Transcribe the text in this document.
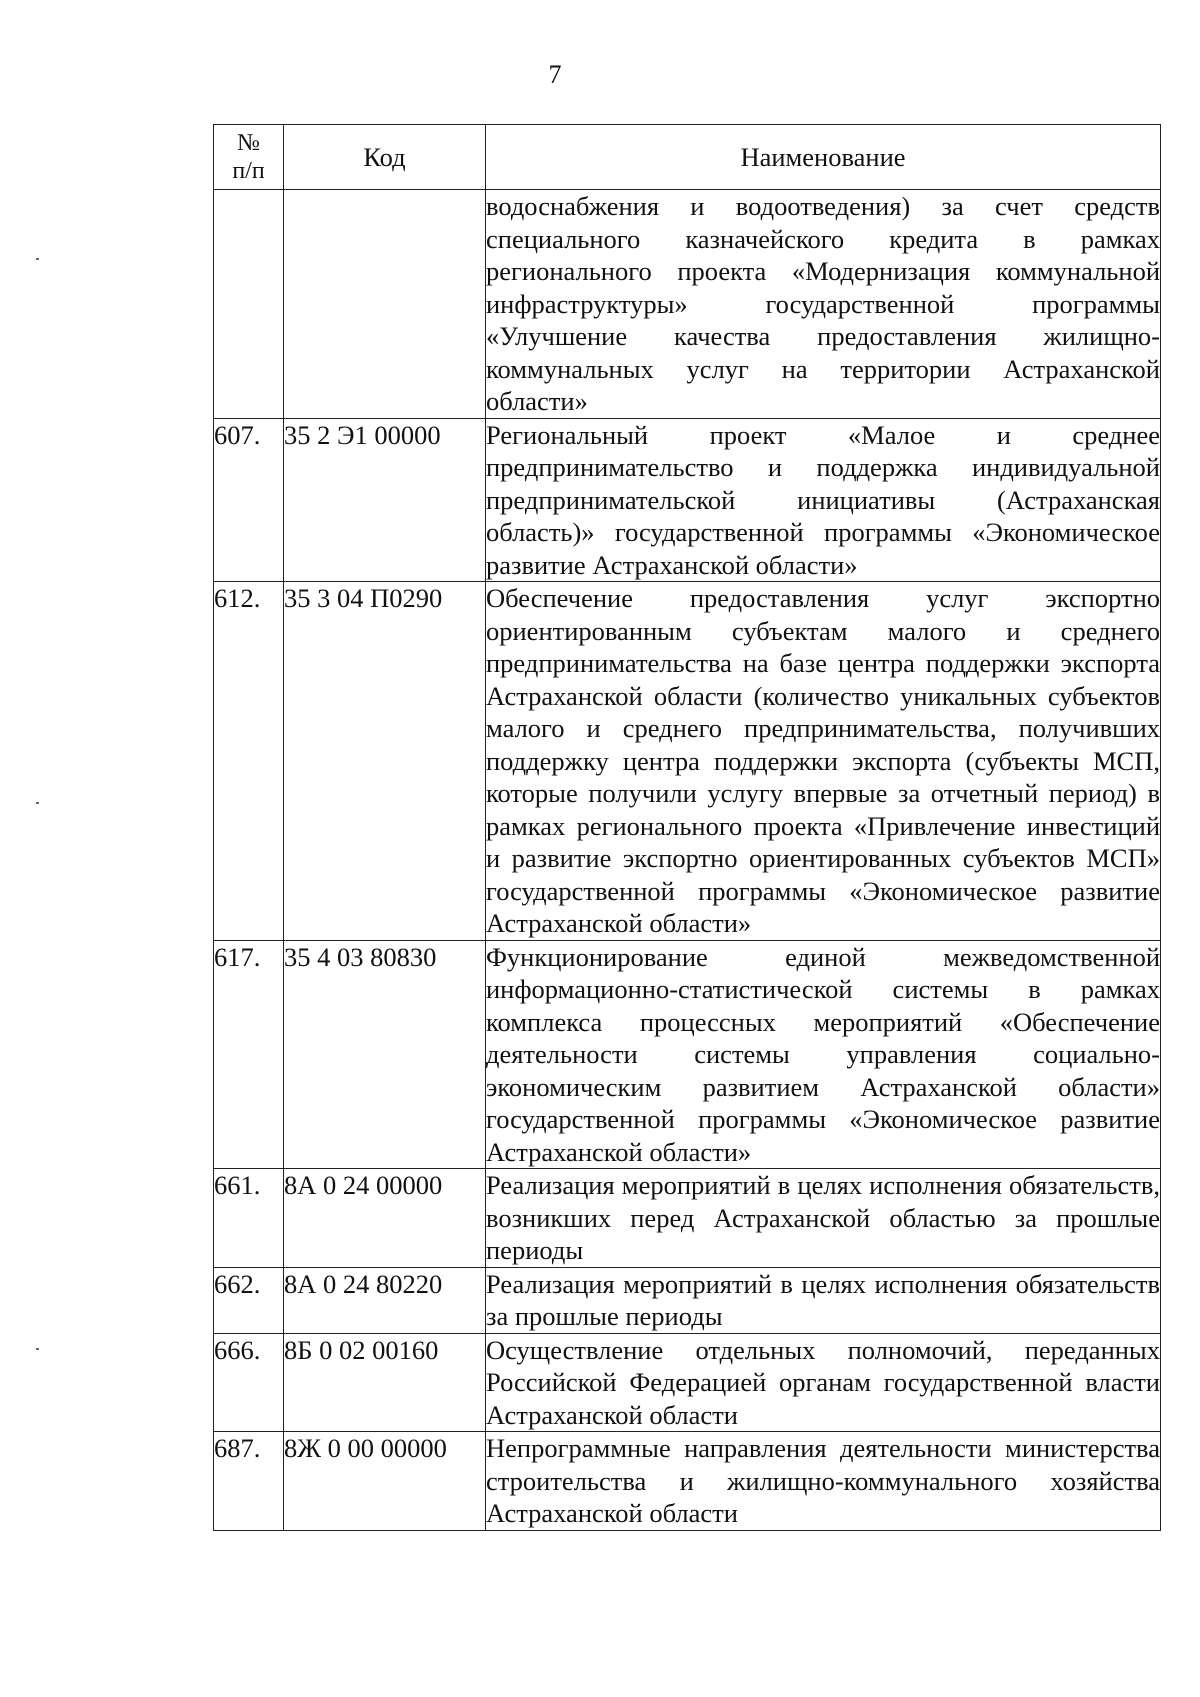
7
№
п/п	Код	Наименование
		водоснабжения и водоотведения) за счет средств специального казначейского кредита в рамках регионального проекта «Модернизация коммунальной инфраструктуры» государственной программы «Улучшение качества предоставления жилищно-коммунальных услуг на территории Астраханской области»
607.	35 2 Э1 00000	Региональный проект «Малое и среднее предпринимательство и поддержка индивидуальной предпринимательской инициативы (Астраханская область)» государственной программы «Экономическое развитие Астраханской области»
612.	35 3 04 П0290	Обеспечение предоставления услуг экспортно ориентированным субъектам малого и среднего предпринимательства на базе центра поддержки экспорта Астраханской области (количество уникальных субъектов малого и среднего предпринимательства, получивших поддержку центра поддержки экспорта (субъекты МСП, которые получили услугу впервые за отчетный период) в рамках регионального проекта «Привлечение инвестиций и развитие экспортно ориентированных субъектов МСП» государственной программы «Экономическое развитие Астраханской области»
617.	35 4 03 80830	Функционирование единой межведомственной информационно-статистической системы в рамках комплекса процессных мероприятий «Обеспечение деятельности системы управления социально-экономическим развитием Астраханской области» государственной программы «Экономическое развитие Астраханской области»
661.	8А 0 24 00000	Реализация мероприятий в целях исполнения обязательств, возникших перед Астраханской областью за прошлые периоды
662.	8А 0 24 80220	Реализация мероприятий в целях исполнения обязательств за прошлые периоды
666.	8Б 0 02 00160	Осуществление отдельных полномочий, переданных Российской Федерацией органам государственной власти Астраханской области
687.	8Ж 0 00 00000	Непрограммные направления деятельности министерства строительства и жилищно-коммунального хозяйства Астраханской области
